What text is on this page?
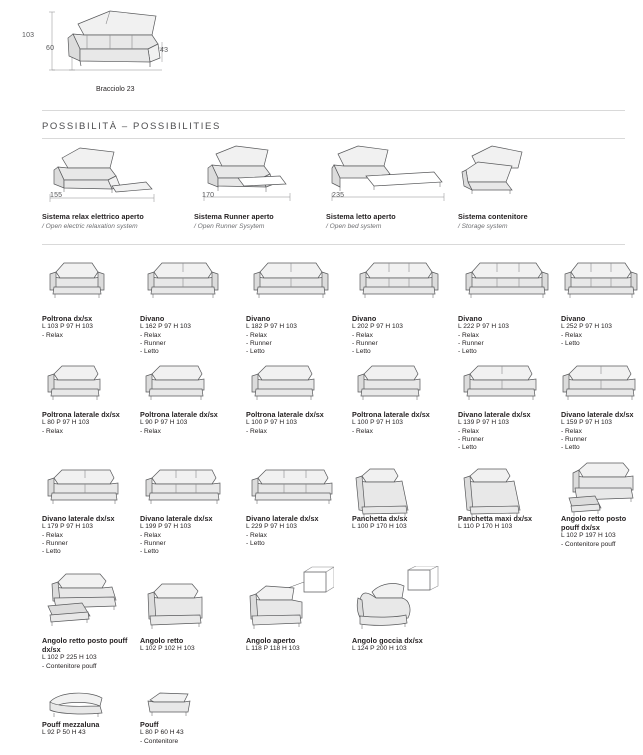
103
60	43
Bracciolo 23
POSSIBILITÀ – POSSIBILITIES
155
Sistema relax elettrico aperto
/ Open electric relaxation system
170
Sistema Runner aperto
/ Open Runner Sysytem
235
Sistema letto aperto
/ Open bed system
Sistema contenitore
/ Storage system
Poltrona dx/sx
L 103 P 97 H 103
- Relax
Divano
L 162 P 97 H 103
- Relax
- Runner
- Letto
Divano
L 182 P 97 H 103
- Relax
- Runner
- Letto
Divano
L 202 P 97 H 103
- Relax
- Runner
- Letto
Divano
L 222 P 97 H 103
- Relax
- Runner
- Letto
Divano
L 252 P 97 H 103
- Relax
- Letto
Poltrona laterale dx/sx
L 80 P 97 H 103
- Relax
Poltrona laterale dx/sx
L 90 P 97 H 103
- Relax
Poltrona laterale dx/sx
L 100 P 97 H 103
- Relax
Poltrona laterale dx/sx
L 100 P 97 H 103
- Relax
Divano laterale dx/sx
L 139 P 97 H 103
- Relax
- Runner
- Letto
Divano laterale dx/sx
L 159 P 97 H 103
- Relax
- Runner
- Letto
Divano laterale dx/sx
L 179 P 97 H 103
- Relax
- Runner
- Letto
Divano laterale dx/sx
L 199 P 97 H 103
- Relax
- Runner
- Letto
Divano laterale dx/sx
L 229 P 97 H 103
- Relax
- Letto
Panchetta dx/sx
L 100 P 170 H 103
Panchetta maxi dx/sx
L 110 P 170 H 103
Angolo retto posto pouff dx/sx
L 102 P 197 H 103
- Contenitore pouff
Angolo retto posto pouff dx/sx
L 102 P 225 H 103
- Contenitore pouff
Angolo retto
L 102 P 102 H 103
Angolo aperto
L 118 P 118 H 103
Angolo goccia dx/sx
L 124 P 200 H 103
Pouff mezzaluna
L 92 P 50 H 43
Pouff
L 80 P 60 H 43
- Contenitore
